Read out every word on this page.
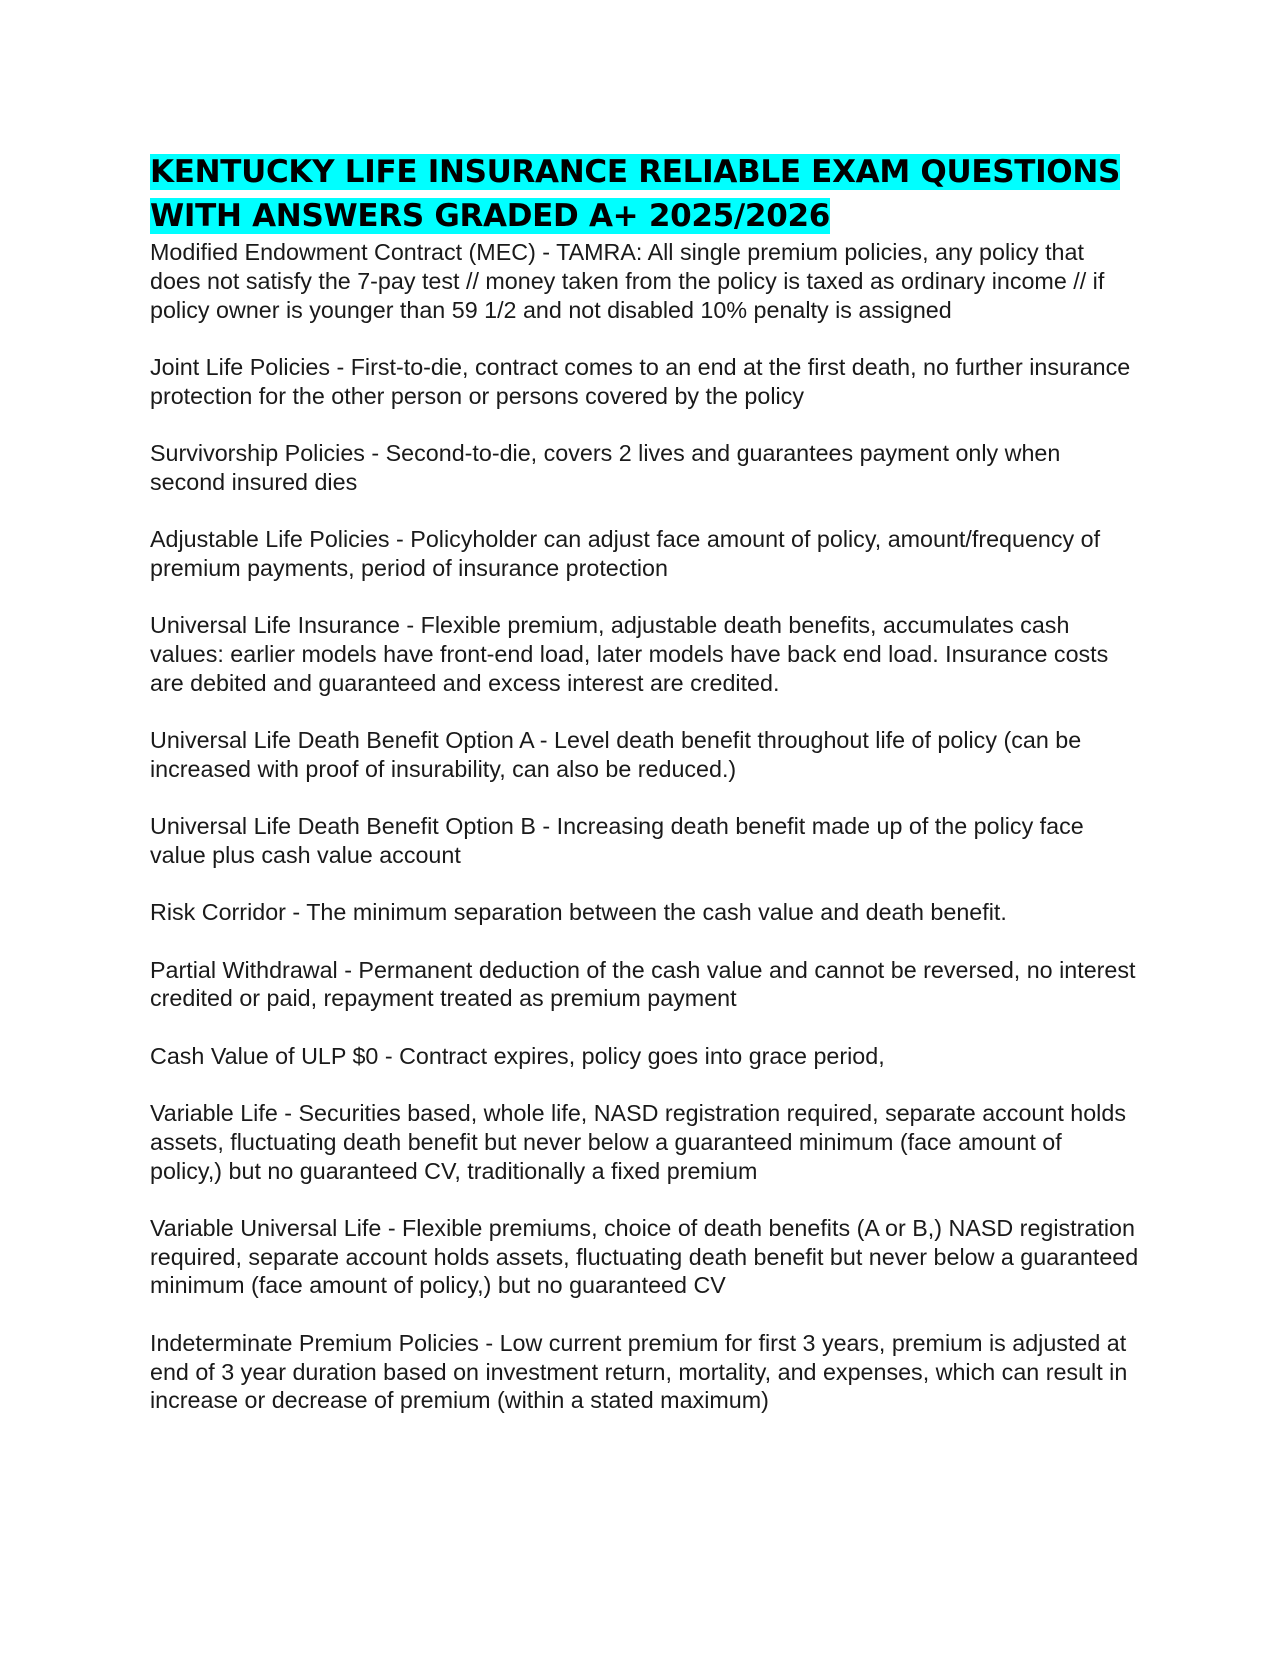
KENTUCKY LIFE INSURANCE RELIABLE EXAM QUESTIONS WITH ANSWERS GRADED A+ 2025/2026

Modified Endowment Contract (MEC) - TAMRA: All single premium policies, any policy that does not satisfy the 7-pay test // money taken from the policy is taxed as ordinary income // if policy owner is younger than 59 1/2 and not disabled 10% penalty is assigned

Joint Life Policies - First-to-die, contract comes to an end at the first death, no further insurance protection for the other person or persons covered by the policy

Survivorship Policies - Second-to-die, covers 2 lives and guarantees payment only when second insured dies

Adjustable Life Policies - Policyholder can adjust face amount of policy, amount/frequency of premium payments, period of insurance protection

Universal Life Insurance - Flexible premium, adjustable death benefits, accumulates cash values: earlier models have front-end load, later models have back end load. Insurance costs are debited and guaranteed and excess interest are credited.

Universal Life Death Benefit Option A - Level death benefit throughout life of policy (can be increased with proof of insurability, can also be reduced.)

Universal Life Death Benefit Option B - Increasing death benefit made up of the policy face value plus cash value account

Risk Corridor - The minimum separation between the cash value and death benefit.

Partial Withdrawal - Permanent deduction of the cash value and cannot be reversed, no interest credited or paid, repayment treated as premium payment

Cash Value of ULP $0 - Contract expires, policy goes into grace period,

Variable Life - Securities based, whole life, NASD registration required, separate account holds assets, fluctuating death benefit but never below a guaranteed minimum (face amount of policy,) but no guaranteed CV, traditionally a fixed premium

Variable Universal Life - Flexible premiums, choice of death benefits (A or B,) NASD registration required, separate account holds assets, fluctuating death benefit but never below a guaranteed minimum (face amount of policy,) but no guaranteed CV

Indeterminate Premium Policies - Low current premium for first 3 years, premium is adjusted at end of 3 year duration based on investment return, mortality, and expenses, which can result in increase or decrease of premium (within a stated maximum)
